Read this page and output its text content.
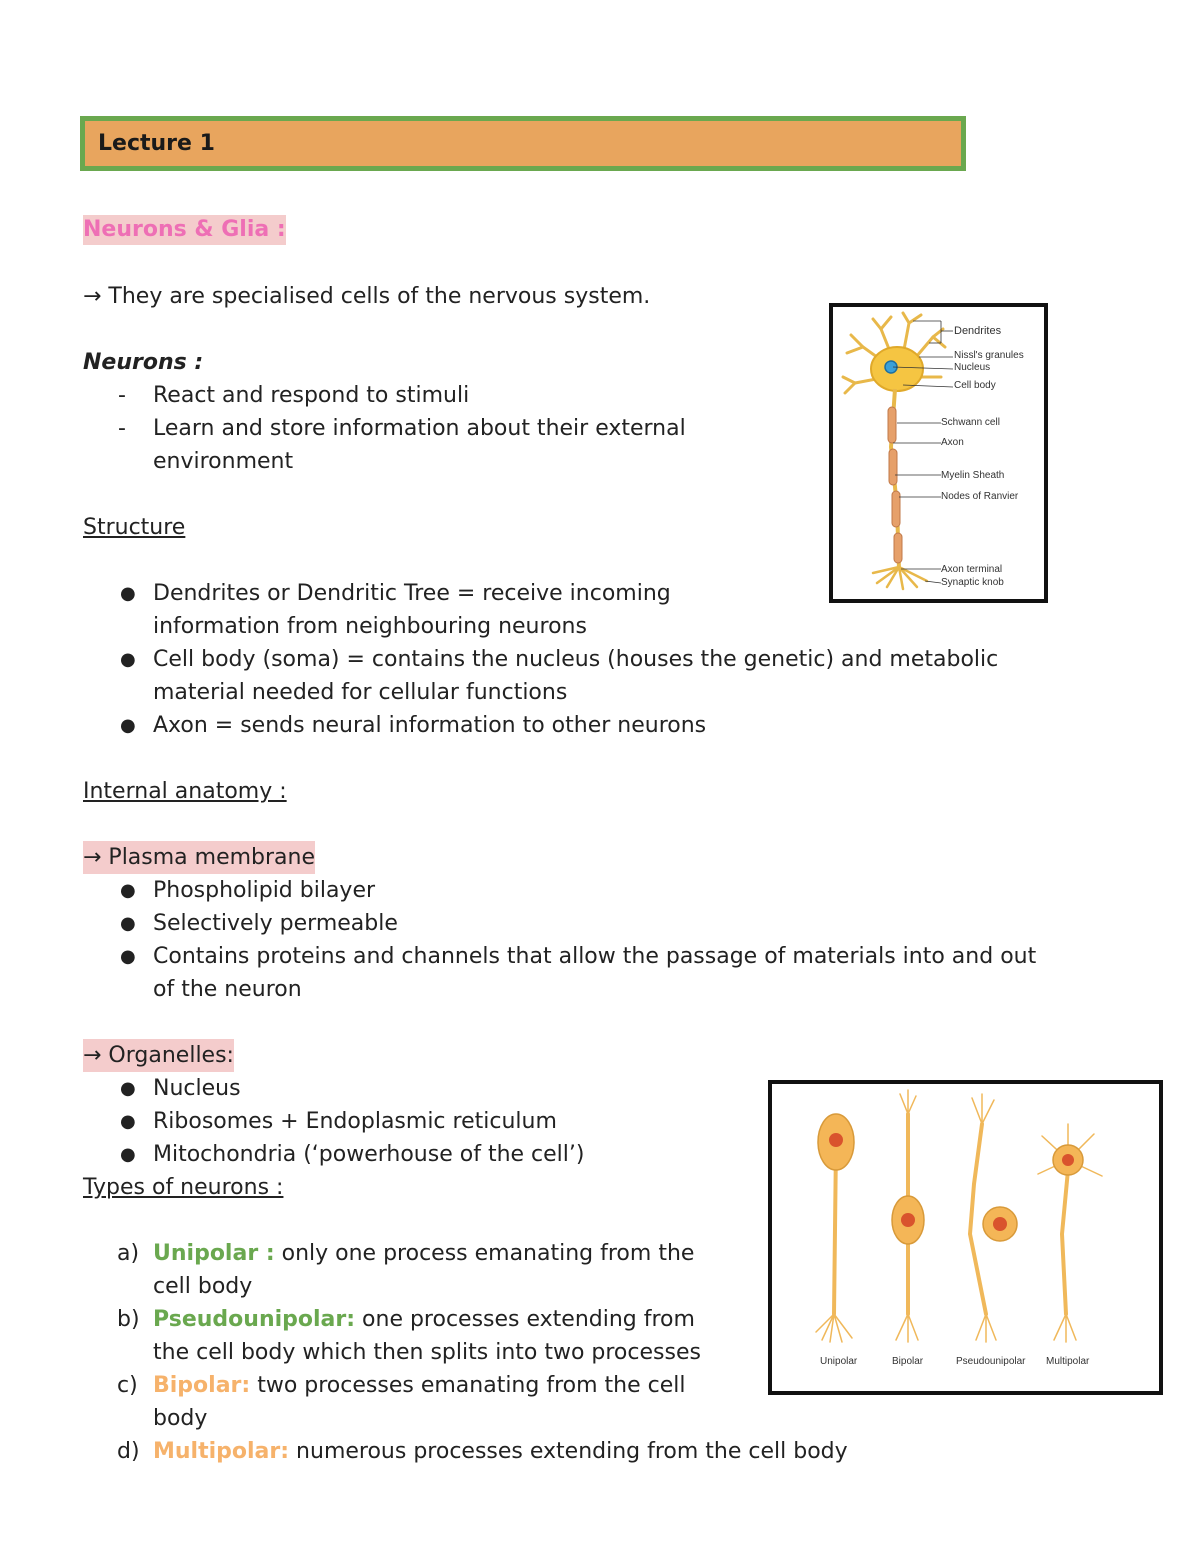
Lecture 1
Neurons & Glia :
→ They are specialised cells of the nervous system.
Neurons :
- React and respond to stimuli
- Learn and store information about their external
environment
Structure
● Dendrites or Dendritic Tree = receive incoming
information from neighbouring neurons
● Cell body (soma) = contains the nucleus (houses the genetic) and metabolic
material needed for cellular functions
● Axon = sends neural information to other neurons
Internal anatomy :
→ Plasma membrane
● Phospholipid bilayer
● Selectively permeable
● Contains proteins and channels that allow the passage of materials into and out
of the neuron
→ Organelles:
● Nucleus
● Ribosomes + Endoplasmic reticulum
● Mitochondria (‘powerhouse of the cell’)
Types of neurons :
a) Unipolar : only one process emanating from the
cell body
b) Pseudounipolar: one processes extending from
the cell body which then splits into two processes
c) Bipolar: two processes emanating from the cell
body
d) Multipolar: numerous processes extending from the cell body
Dendrites
Nissl's granules
Nucleus
Cell body
Schwann cell
Axon
Myelin Sheath
Nodes of Ranvier
Axon terminal
Synaptic knob
Unipolar	Bipolar	Pseudounipolar Multipolar
